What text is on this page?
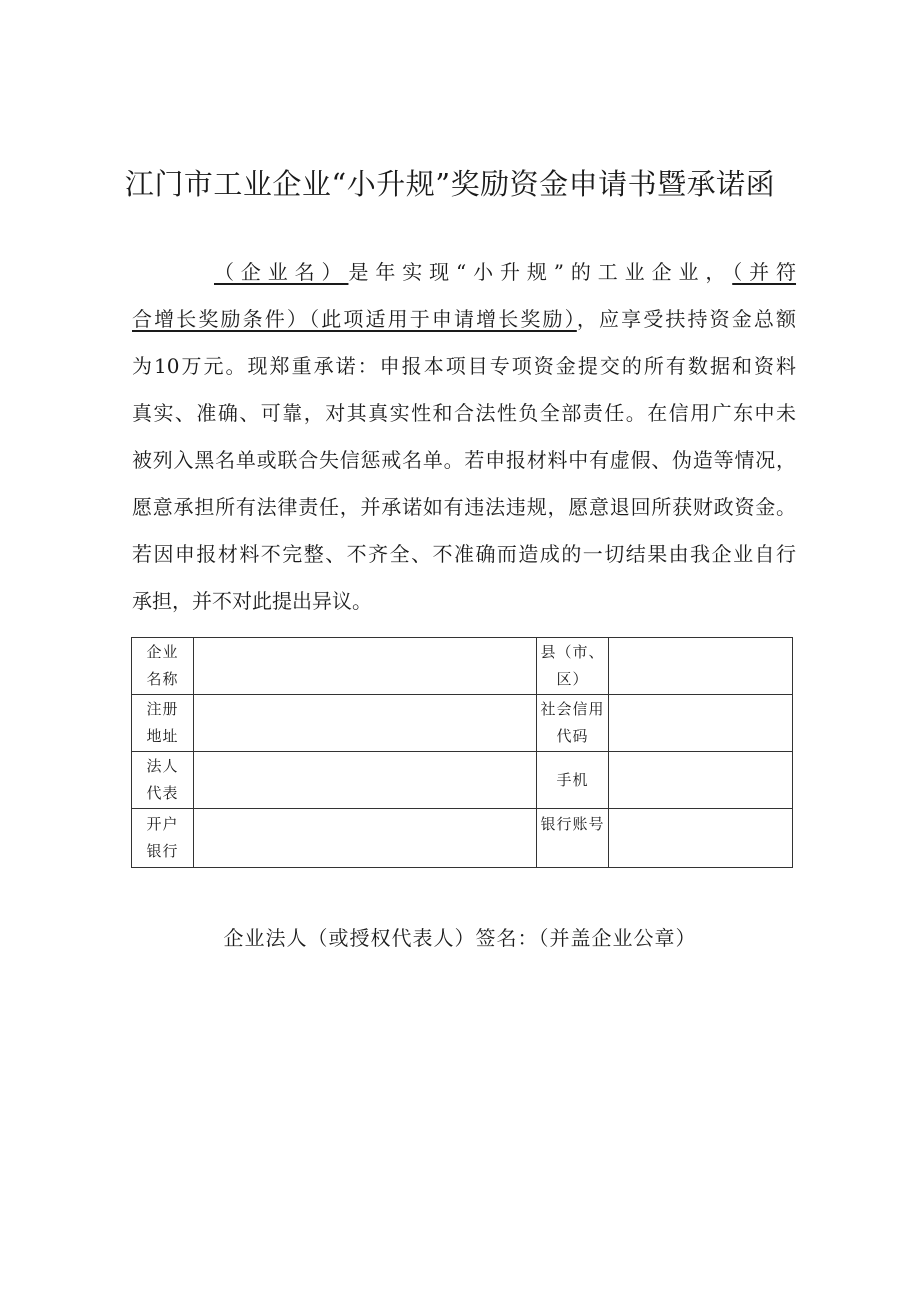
江门市工业企业“小升规”奖励资金申请书暨承诺函
（企业名）是年实现“小升规”的工业企业，（并符
合增长奖励条件）（此项适用于申请增长奖励），应享受扶持资金总额
为10万元。现郑重承诺：申报本项目专项资金提交的所有数据和资料
真实、准确、可靠，对其真实性和合法性负全部责任。在信用广东中未
被列入黑名单或联合失信惩戒名单。若申报材料中有虚假、伪造等情况，
愿意承担所有法律责任，并承诺如有违法违规，愿意退回所获财政资金。
若因申报材料不完整、不齐全、不准确而造成的一切结果由我企业自行
承担，并不对此提出异议。
企业
名称		县（市、
区）	

注册
地址		社会信用
代码	

法人
代表		手机	

开户
银行		银行账号	

企业法人（或授权代表人）签名：（并盖企业公章）
